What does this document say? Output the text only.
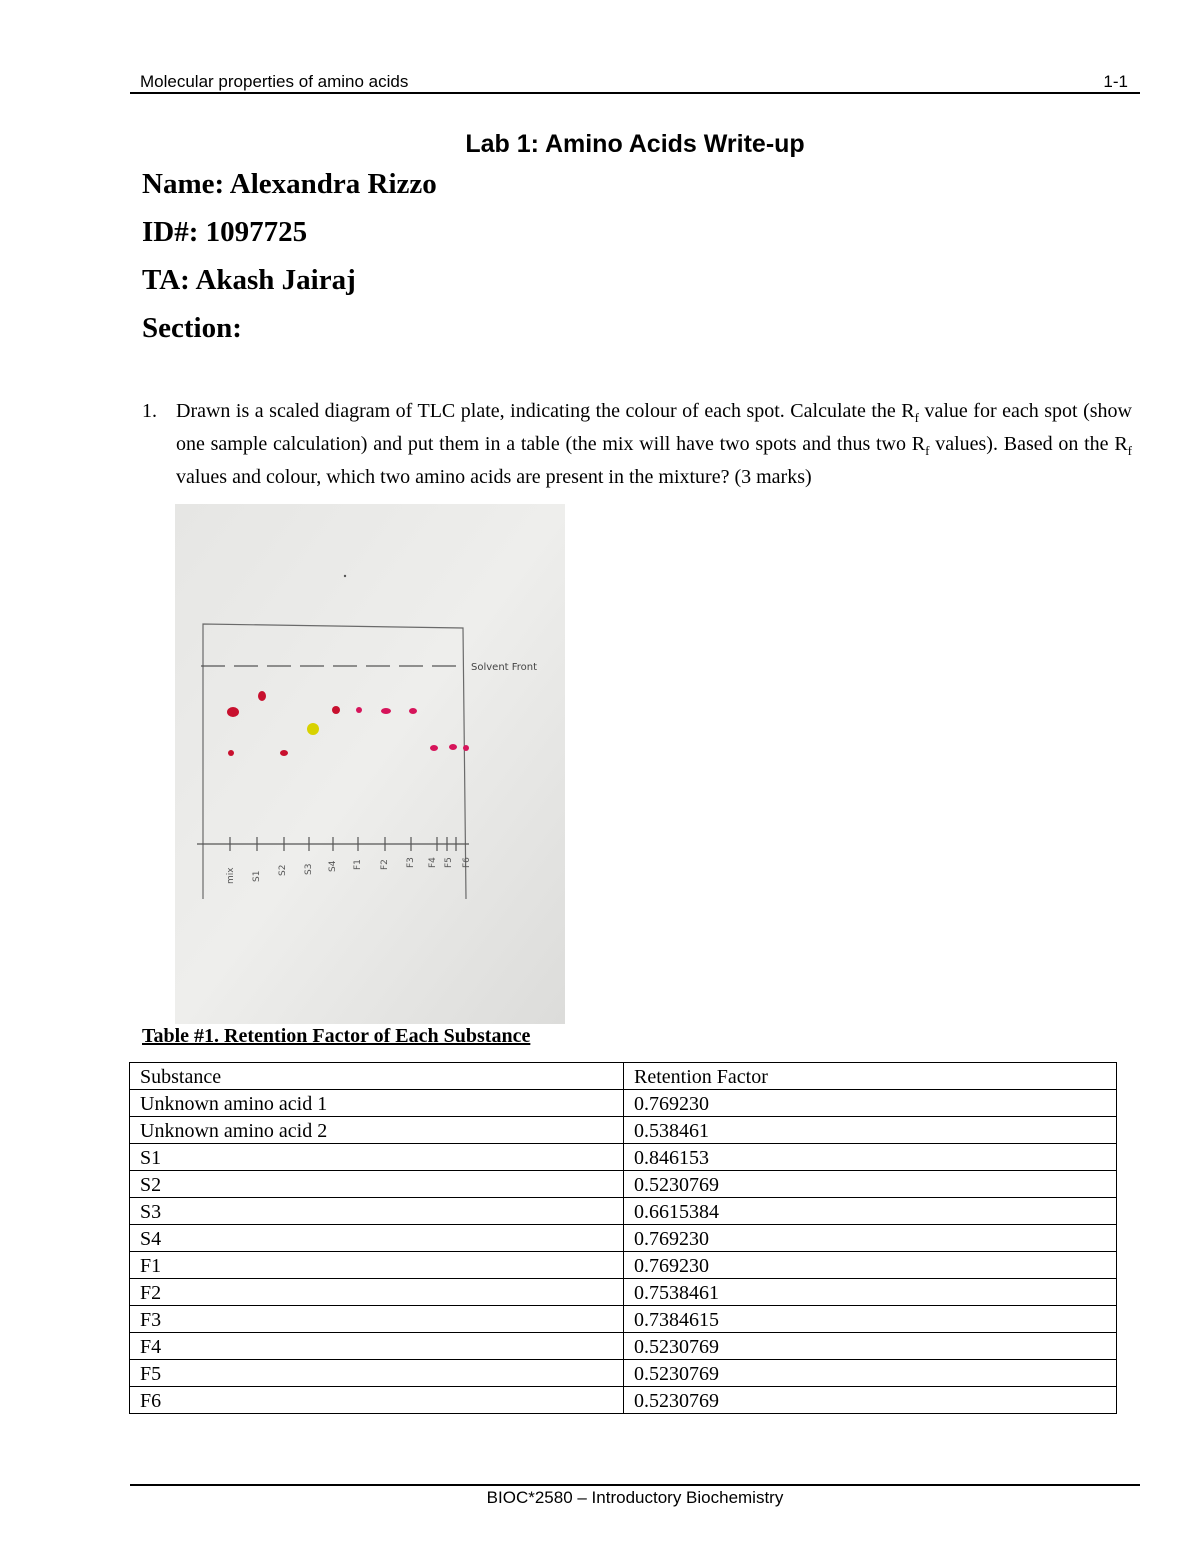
Molecular properties of amino acids	1-1
Lab 1: Amino Acids Write-up
Name: Alexandra Rizzo
ID#: 1097725
TA: Akash Jairaj
Section:
1. Drawn is a scaled diagram of TLC plate, indicating the colour of each spot. Calculate the $R_f$ value for each spot (show one sample calculation) and put them in a table (the mix will have two spots and thus two $R_f$ values). Based on the $R_f$ values and colour, which two amino acids are present in the mixture? (3 marks)
Solvent Front
mix S1
S2 S3 S4 F1 F2 F3 F4 F5 F6
Table #1. Retention Factor of Each Substance
Substance	Retention Factor
Unknown amino acid 1	0.769230
Unknown amino acid 2	0.538461
S1	0.846153
S2	0.5230769
S3	0.6615384
S4	0.769230
F1	0.769230
F2	0.7538461
F3	0.7384615
F4	0.5230769
F5	0.5230769
F6	0.5230769
BIOC*2580 – Introductory Biochemistry
